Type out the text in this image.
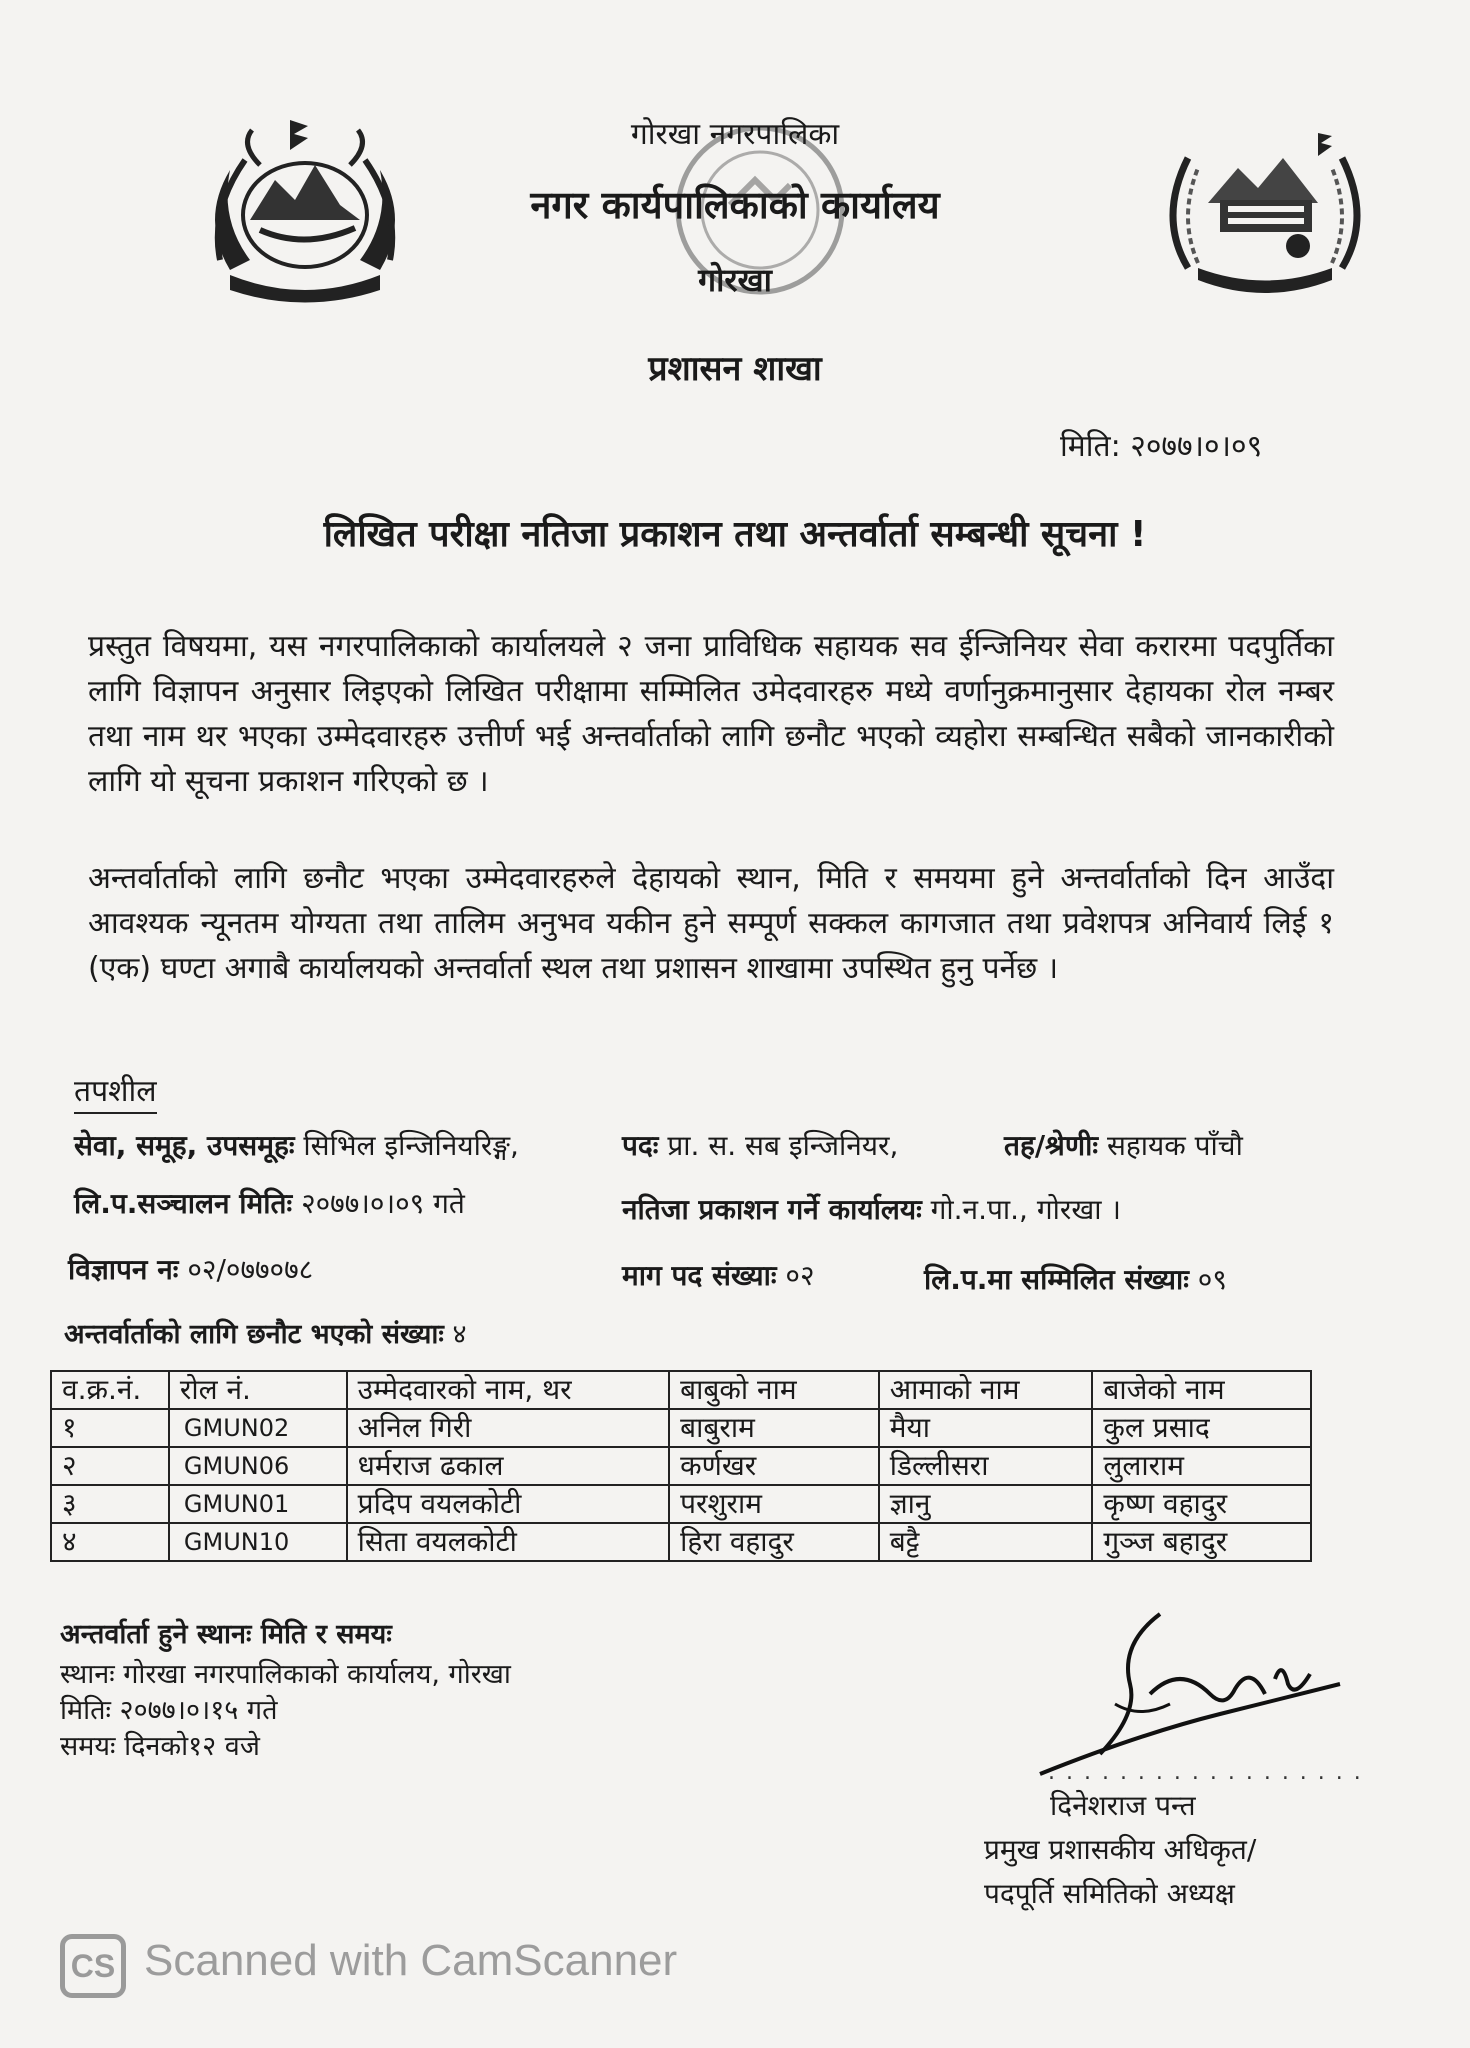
गोरखा नगरपालिका
नगर कार्यपालिकाको कार्यालय
गोरखा
प्रशासन शाखा
मिति: २०७७।०।०९
लिखित परीक्षा नतिजा प्रकाशन तथा अन्तर्वार्ता सम्बन्धी सूचना !
प्रस्तुत विषयमा, यस नगरपालिकाको कार्यालयले २ जना प्राविधिक सहायक सव ईन्जिनियर सेवा करारमा पदपुर्तिका लागि विज्ञापन अनुसार लिइएको लिखित परीक्षामा सम्मिलित उमेदवारहरु मध्ये वर्णानुक्रमानुसार देहायका रोल नम्बर तथा नाम थर भएका उम्मेदवारहरु उत्तीर्ण भई अन्तर्वार्ताको लागि छनौट भएको व्यहोरा सम्बन्धित सबैको जानकारीको लागि यो सूचना प्रकाशन गरिएको छ ।
अन्तर्वार्ताको लागि छनौट भएका उम्मेदवारहरुले देहायको स्थान, मिति र समयमा हुने अन्तर्वार्ताको दिन आउँदा आवश्यक न्यूनतम योग्यता तथा तालिम अनुभव यकीन हुने सम्पूर्ण सक्कल कागजात तथा प्रवेशपत्र अनिवार्य लिई १ (एक) घण्टा अगाबै कार्यालयको अन्तर्वार्ता स्थल तथा प्रशासन शाखामा उपस्थित हुनु पर्नेछ ।
तपशील
सेवा, समूह, उपसमूहः सिभिल इन्जिनियरिङ्ग,	पदः प्रा. स. सब इन्जिनियर,	तह/श्रेणीः सहायक पाँचौ
लि.प.सञ्चालन मितिः २०७७।०।०९ गते	नतिजा प्रकाशन गर्ने कार्यालयः गो.न.पा., गोरखा ।
विज्ञापन नः ०२/०७७०७८	माग पद संख्याः ०२	लि.प.मा सम्मिलित संख्याः ०९
अन्तर्वार्ताको लागि छनौट भएको संख्याः ४
व.क्र.नं.	रोल नं.	उम्मेदवारको नाम, थर	बाबुको नाम	आमाको नाम	बाजेको नाम
१	GMUN02	अनिल गिरी	बाबुराम	मैया	कुल प्रसाद
२	GMUN06	धर्मराज ढकाल	कर्णखर	डिल्लीसरा	लुलाराम
३	GMUN01	प्रदिप वयलकोटी	परशुराम	ज्ञानु	कृष्ण वहादुर
४	GMUN10	सिता वयलकोटी	हिरा वहादुर	बट्टै	गुञ्ज बहादुर
अन्तर्वार्ता हुने स्थानः मिति र समयः
स्थानः गोरखा नगरपालिकाको कार्यालय, गोरखा
मितिः २०७७।०।१५ गते
समयः दिनको१२ वजे
. . . . . . . . . . . . . . . . . .
दिनेशराज पन्त
प्रमुख प्रशासकीय अधिकृत/
पदपूर्ति समितिको अध्यक्ष
CS Scanned with CamScanner
